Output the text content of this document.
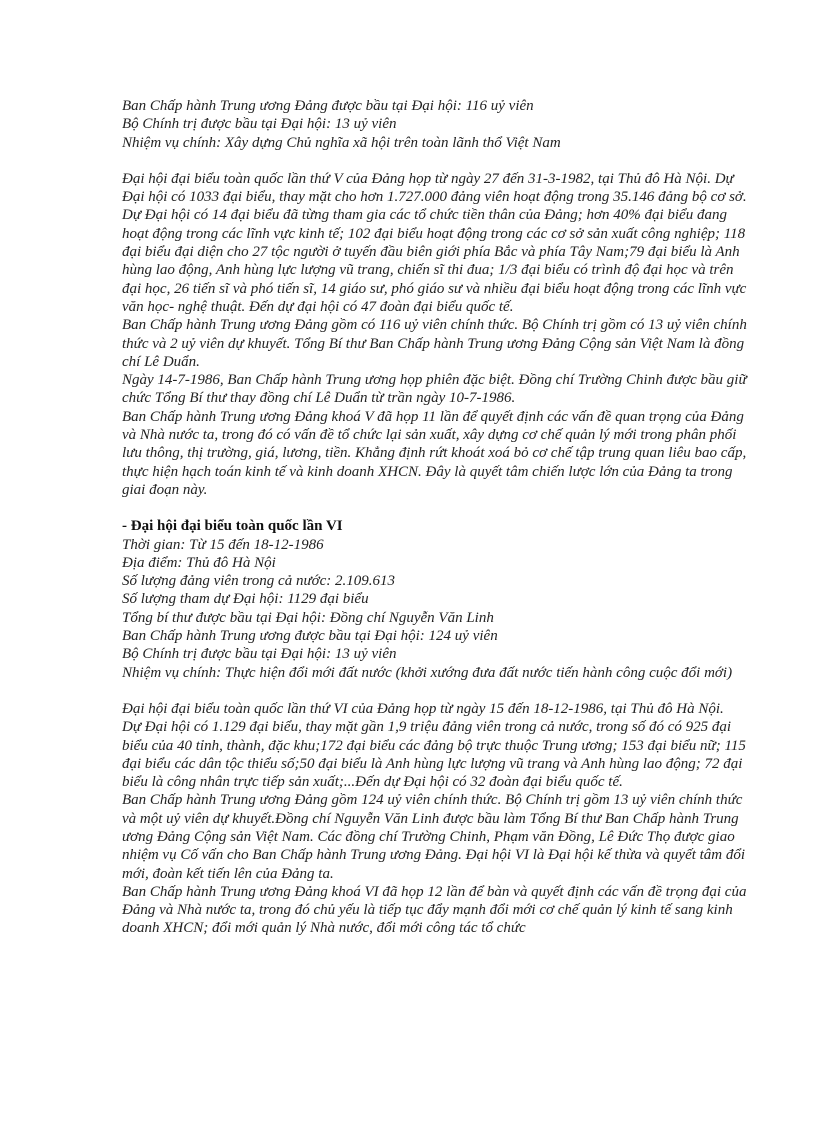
Ban Chấp hành Trung ương Đảng được bầu tại Đại hội: 116 uỷ viên

Bộ Chính trị được bầu tại Đại hội: 13 uỷ viên

Nhiệm vụ chính: Xây dựng Chủ nghĩa xã hội trên toàn lãnh thổ Việt Nam

Đại hội đại biểu toàn quốc lần thứ V của Đảng họp từ ngày 27 đến 31-3-1982, tại Thủ đô Hà Nội. Dự Đại hội có 1033 đại biểu, thay mặt cho hơn 1.727.000 đảng viên hoạt động trong 35.146 đảng bộ cơ sở. Dự Đại hội có 14 đại biểu đã từng tham gia các tổ chức tiền thân của Đảng; hơn 40% đại biểu đang hoạt động trong các lĩnh vực kinh tế; 102 đại biểu hoạt động trong các cơ sở sản xuất công nghiệp; 118 đại biểu đại diện cho 27 tộc người ở tuyến đầu biên giới phía Bắc và phía Tây Nam;79 đại biểu là Anh hùng lao động, Anh hùng lực lượng vũ trang, chiến sĩ thi đua; 1/3 đại biểu có trình độ đại học và trên đại học, 26 tiến sĩ và phó tiến sĩ, 14 giáo sư, phó giáo sư và nhiều đại biểu hoạt động trong các lĩnh vực văn học- nghệ thuật. Đến dự đại hội có 47 đoàn đại biểu quốc tế.

Ban Chấp hành Trung ương Đảng gồm có 116 uỷ viên chính thức. Bộ Chính trị gồm có 13 uỷ viên chính thức và 2 uỷ viên dự khuyết. Tổng Bí thư Ban Chấp hành Trung ương Đảng Cộng sản Việt Nam là đồng chí Lê Duẩn.

Ngày 14-7-1986, Ban Chấp hành Trung ương họp phiên đặc biệt. Đồng chí Trường Chinh được bầu giữ chức Tổng Bí thư thay đồng chí Lê Duẩn từ trần ngày 10-7-1986.

Ban Chấp hành Trung ương Đảng khoá V đã họp 11 lần để quyết định các vấn đề quan trọng của Đảng và Nhà nước ta, trong đó có vấn đề tổ chức lại sản xuất, xây dựng cơ chế quản lý mới trong phân phối lưu thông, thị trường, giá, lương, tiền. Khẳng định rứt khoát xoá bỏ cơ chế tập trung quan liêu bao cấp, thực hiện hạch toán kinh tế và kinh doanh XHCN. Đây là quyết tâm chiến lược lớn của Đảng ta trong giai đoạn này.

- Đại hội đại biểu toàn quốc lần VI

Thời gian: Từ 15 đến 18-12-1986

Địa điểm: Thủ đô Hà Nội

Số lượng đảng viên trong cả nước: 2.109.613

Số lượng tham dự Đại hội: 1129 đại biểu

Tổng bí thư được bầu tại Đại hội: Đồng chí Nguyễn Văn Linh

Ban Chấp hành Trung ương được bầu tại Đại hội: 124 uỷ viên

Bộ Chính trị được bầu tại Đại hội: 13 uỷ viên

Nhiệm vụ chính: Thực hiện đổi mới đất nước (khởi xướng đưa đất nước tiến hành công cuộc đổi mới)

Đại hội đại biểu toàn quốc lần thứ VI của Đảng họp từ ngày 15 đến 18-12-1986, tại Thủ đô Hà Nội.

Dự Đại hội có 1.129 đại biểu, thay mặt gần 1,9 triệu đảng viên trong cả nước, trong số đó có 925 đại biểu của 40 tỉnh, thành, đặc khu;172 đại biểu các đảng bộ trực thuộc Trung ương; 153 đại biểu nữ; 115 đại biểu các dân tộc thiểu số;50 đại biểu là Anh hùng lực lượng vũ trang và Anh hùng lao động; 72 đại biểu là công nhân trực tiếp sản xuất;...Đến dự Đại hội có 32 đoàn đại biểu quốc tế.

Ban Chấp hành Trung ương Đảng gồm 124 uỷ viên chính thức. Bộ Chính trị gồm 13 uỷ viên chính thức và một uỷ viên dự khuyết.Đồng chí Nguyễn Văn Linh được bầu làm Tổng Bí thư Ban Chấp hành Trung ương Đảng Cộng sản Việt Nam. Các đồng chí Trường Chinh, Phạm văn Đồng, Lê Đức Thọ được giao nhiệm vụ Cố vấn cho Ban Chấp hành Trung ương Đảng. Đại hội VI là Đại hội kế thừa và quyết tâm đổi mới, đoàn kết tiến lên của Đảng ta.

Ban Chấp hành Trung ương Đảng khoá VI đã họp 12 lần để bàn và quyết định các vấn đề trọng đại của Đảng và Nhà nước ta, trong đó chủ yếu là tiếp tục đẩy mạnh đổi mới cơ chế quản lý kinh tế sang kinh doanh XHCN; đổi mới quản lý Nhà nước, đổi mới công tác tổ chức
